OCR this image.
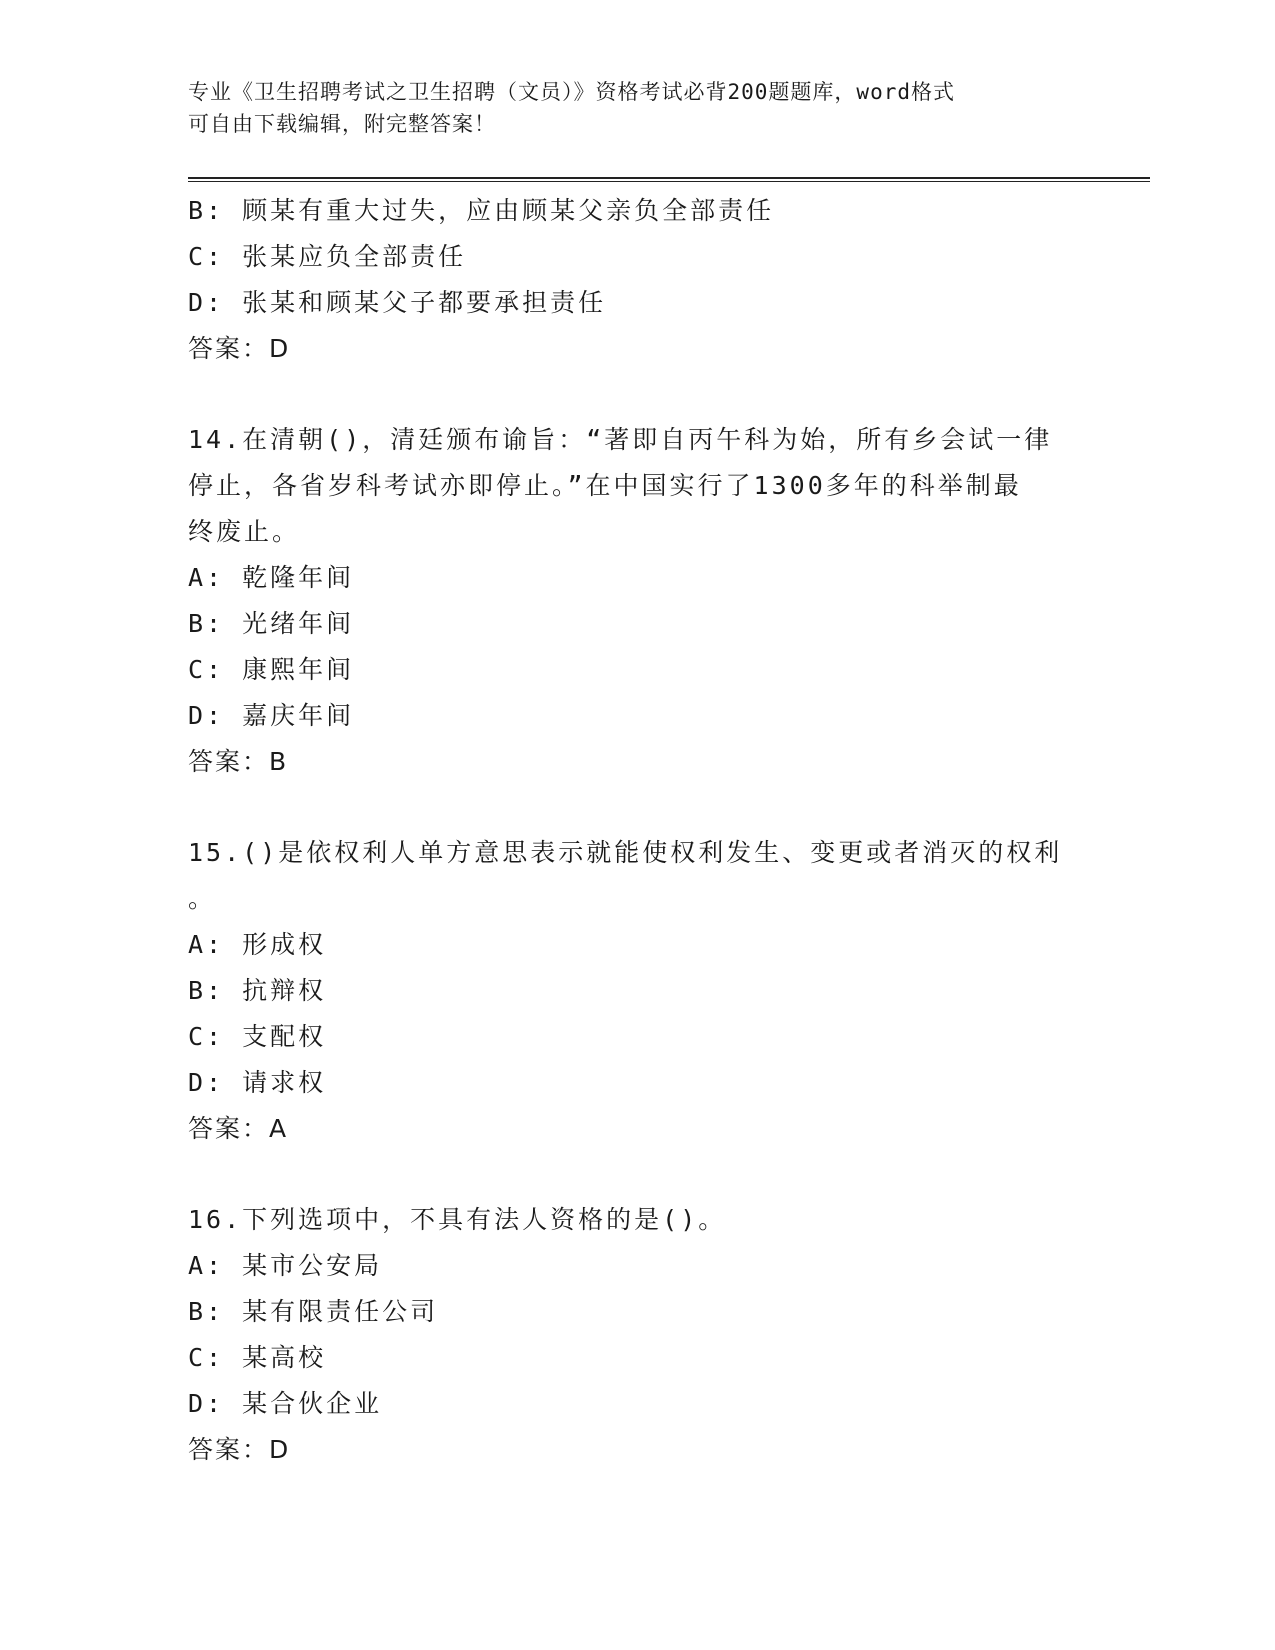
专业《卫生招聘考试之卫生招聘（文员）》资格考试必背200题题库，word格式
可自由下载编辑，附完整答案！
B: 顾某有重大过失，应由顾某父亲负全部责任
C: 张某应负全部责任
D: 张某和顾某父子都要承担责任
答案：D
14.在清朝()，清廷颁布谕旨：“著即自丙午科为始，所有乡会试一律
停止，各省岁科考试亦即停止。”在中国实行了1300多年的科举制最
终废止。
A: 乾隆年间
B: 光绪年间
C: 康熙年间
D: 嘉庆年间
答案：B
15.()是依权利人单方意思表示就能使权利发生、变更或者消灭的权利
。
A: 形成权
B: 抗辩权
C: 支配权
D: 请求权
答案：A
16.下列选项中，不具有法人资格的是()。
A: 某市公安局
B: 某有限责任公司
C: 某高校
D: 某合伙企业
答案：D
